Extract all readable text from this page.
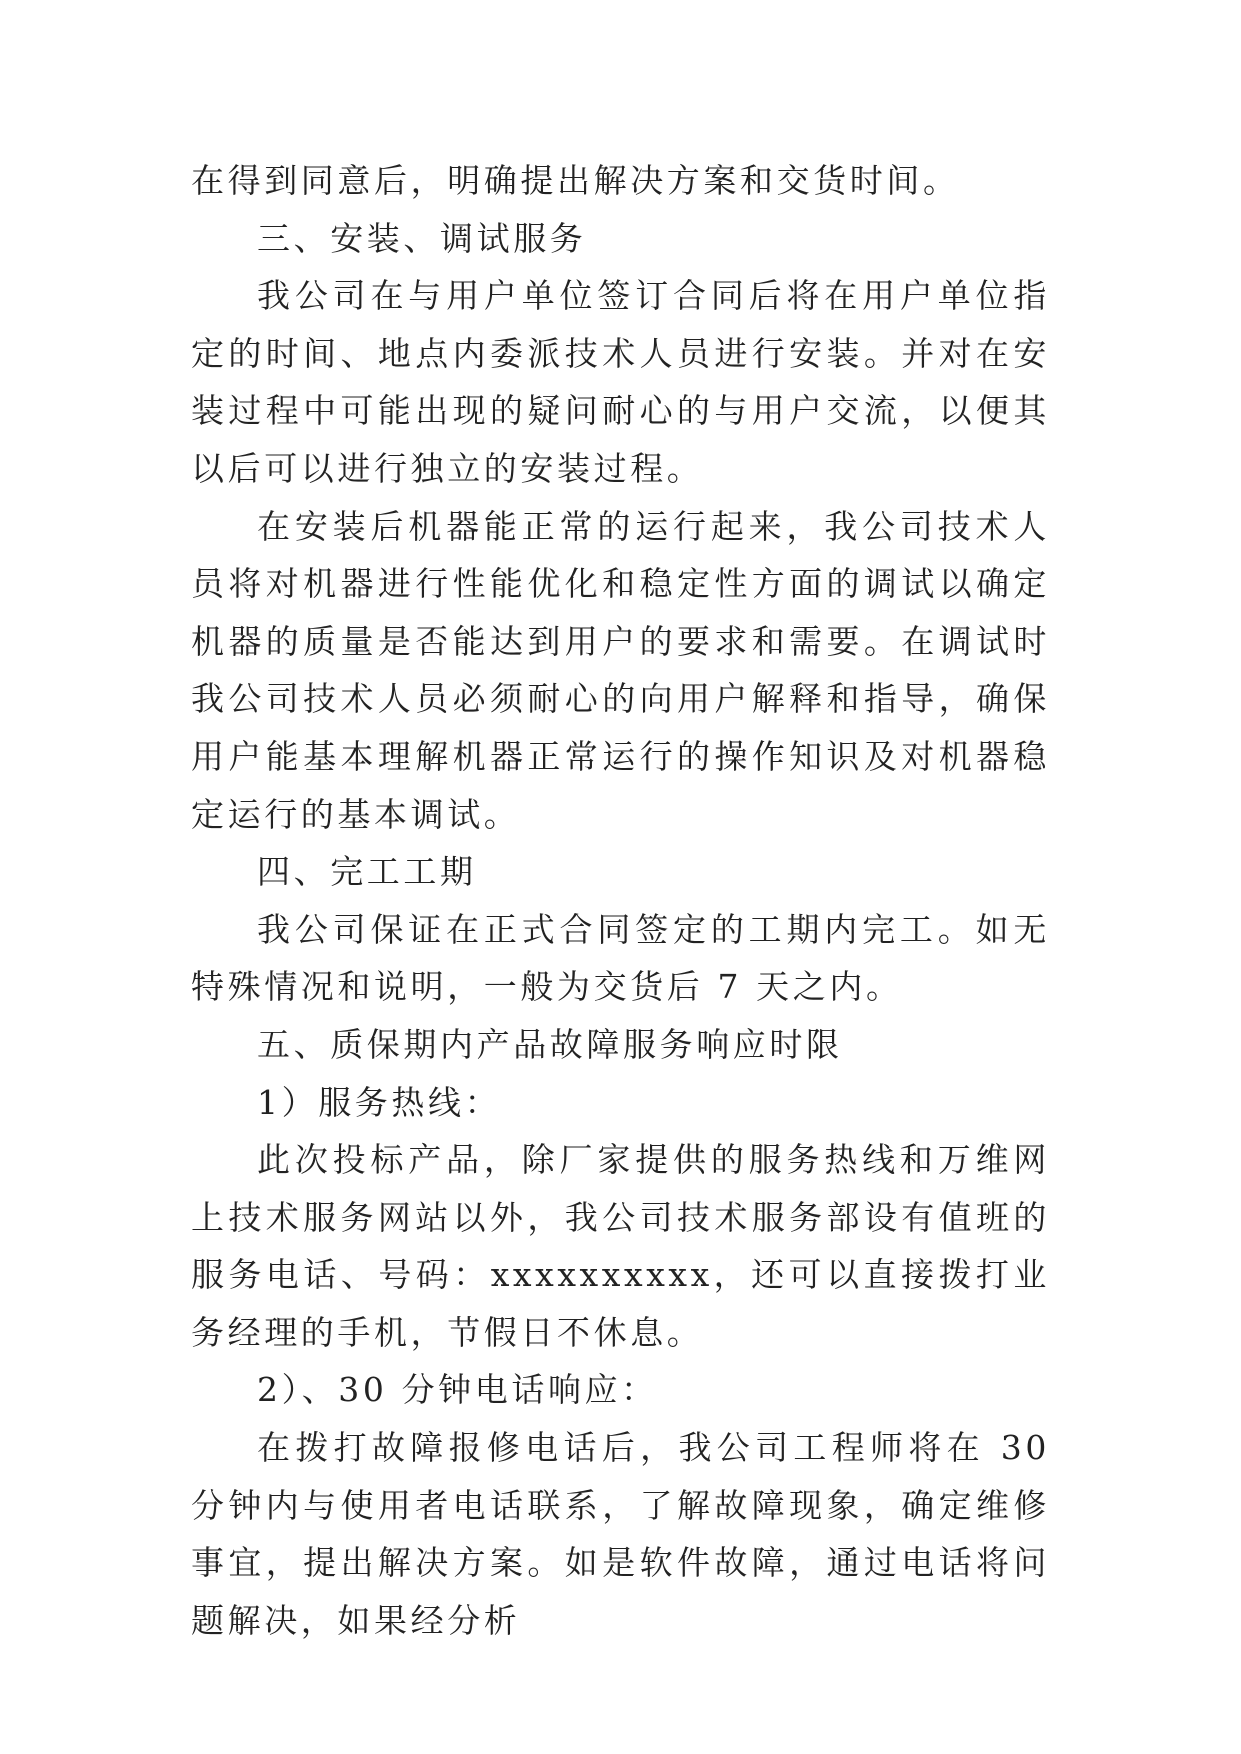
在得到同意后，明确提出解决方案和交货时间。

三、安装、调试服务

我公司在与用户单位签订合同后将在用户单位指定的时间、地点内委派技术人员进行安装。并对在安装过程中可能出现的疑问耐心的与用户交流，以便其以后可以进行独立的安装过程。

在安装后机器能正常的运行起来，我公司技术人员将对机器进行性能优化和稳定性方面的调试以确定机器的质量是否能达到用户的要求和需要。在调试时我公司技术人员必须耐心的向用户解释和指导，确保用户能基本理解机器正常运行的操作知识及对机器稳定运行的基本调试。

四、完工工期

我公司保证在正式合同签定的工期内完工。如无特殊情况和说明，一般为交货后 7 天之内。

五、质保期内产品故障服务响应时限

1）服务热线：

此次投标产品，除厂家提供的服务热线和万维网上技术服务网站以外，我公司技术服务部设有值班的服务电话、号码：xxxxxxxxxx，还可以直接拨打业务经理的手机，节假日不休息。

2）、30 分钟电话响应：

在拨打故障报修电话后，我公司工程师将在 30 分钟内与使用者电话联系，了解故障现象，确定维修事宜，提出解决方案。如是软件故障，通过电话将问题解决，如果经分析
